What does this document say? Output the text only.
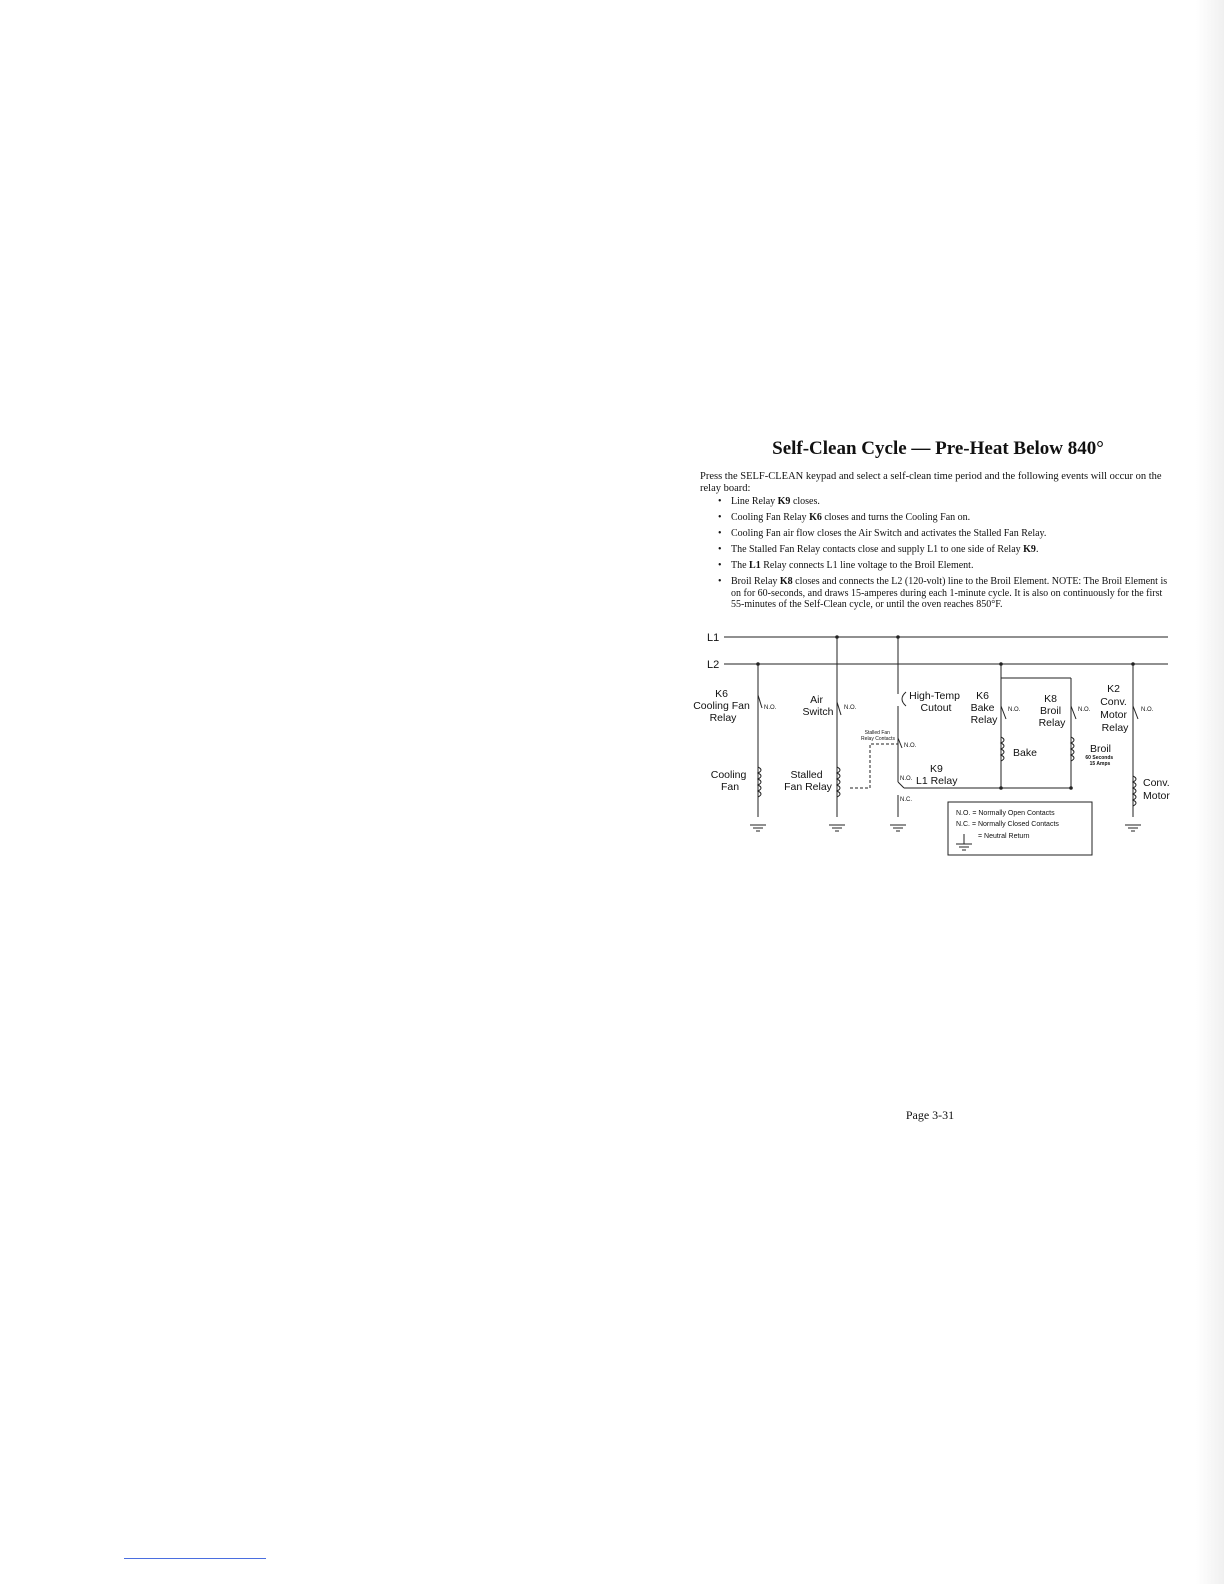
Self-Clean Cycle — Pre-Heat Below 840°

Press the SELF-CLEAN keypad and select a self-clean time period and the following events will occur on the relay board:

• Line Relay K9 closes.
• Cooling Fan Relay K6 closes and turns the Cooling Fan on.
• Cooling Fan air flow closes the Air Switch and activates the Stalled Fan Relay.
• The Stalled Fan Relay contacts close and supply L1 to one side of Relay K9.
• The L1 Relay connects L1 line voltage to the Broil Element.
• Broil Relay K8 closes and connects the L2 (120-volt) line to the Broil Element. NOTE: The Broil Element is on for 60-seconds, and draws 15-amperes during each 1-minute cycle. It is also on continuously for the first 55-minutes of the Self-Clean cycle, or until the oven reaches 850°F.
L1
L2
K6 Cooling Fan Relay
N.O.
Air Switch N.O.
High-Temp Cutout
K6 Bake Relay
N.O.
K8 Broil Relay
N.O.
K2 Conv. Motor Relay
N.O.
Stalled Fan Relay Contacts
N.O.
K9 L1 Relay
N.O.
N.C.
Cooling Fan
Stalled Fan Relay
Bake	Broil
60 Seconds 15 Amps
Conv. Motor
N.O. = Normally Open Contacts
N.C. = Normally Closed Contacts
= Neutral Return
Page 3-31
